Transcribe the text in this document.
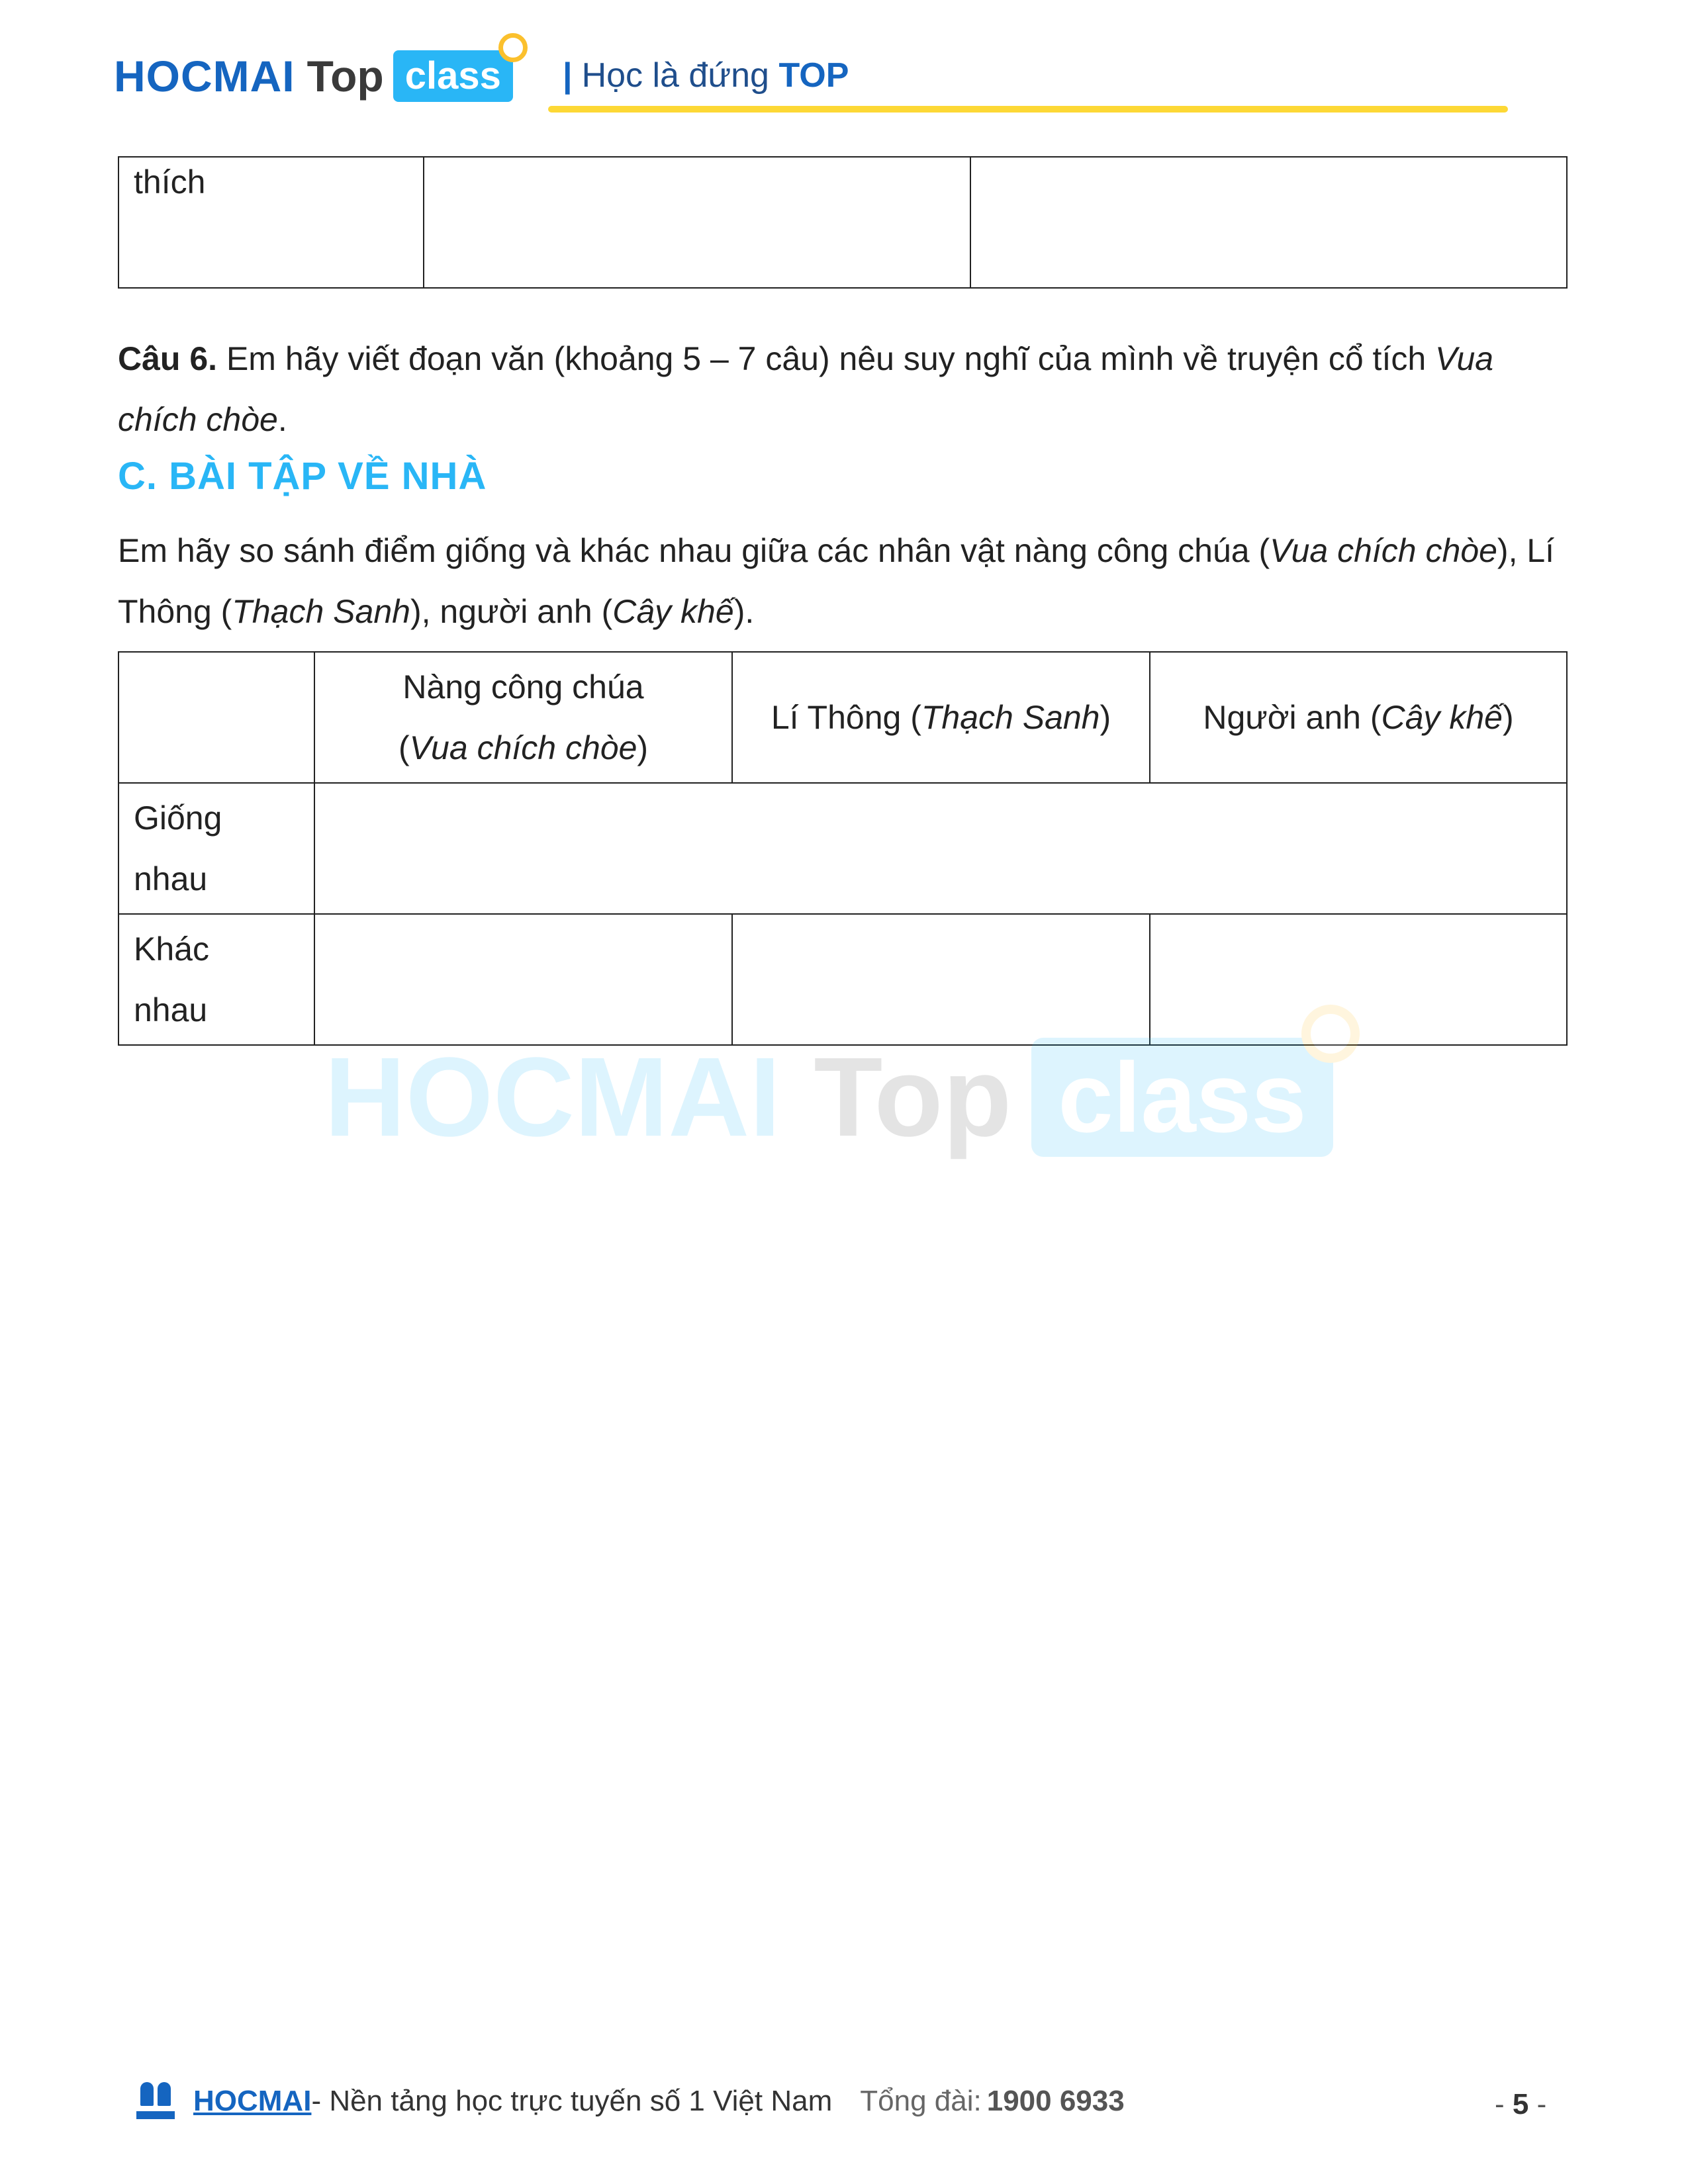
HOCMAI Top class	| Học là đứng TOP
thích		
Câu 6. Em hãy viết đoạn văn (khoảng 5 – 7 câu) nêu suy nghĩ của mình về truyện cổ tích Vua chích chòe.
C. BÀI TẬP VỀ NHÀ
Em hãy so sánh điểm giống và khác nhau giữa các nhân vật nàng công chúa (Vua chích chòe), Lí Thông (Thạch Sanh), người anh (Cây khế).
	Nàng công chúa
(Vua chích chòe)	Lí Thông (Thạch Sanh)	Người anh (Cây khế)
Giống
nhau			
Khác
nhau			
HOCMAI Top class
HOCMAI - Nền tảng học trực tuyến số 1 Việt Nam Tổng đài: 1900 6933	- 5 -
